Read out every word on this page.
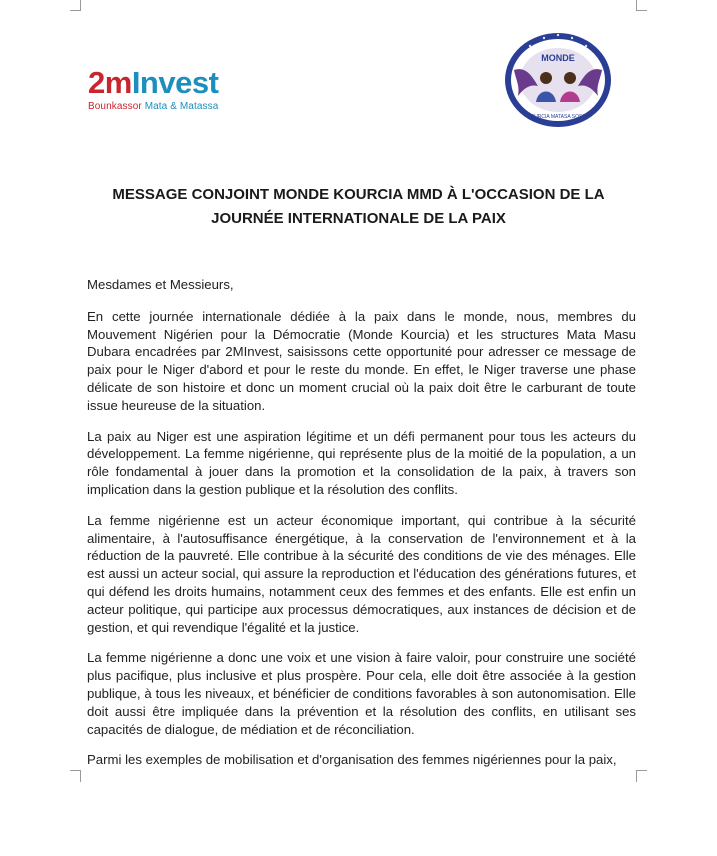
2mInvest
Bounkassor Mata & Matassa
MONDE
KOURCIA MATASA SOSSA
MESSAGE CONJOINT MONDE KOURCIA MMD À L'OCCASION DE LA JOURNÉE INTERNATIONALE DE LA PAIX

Mesdames et Messieurs,

En cette journée internationale dédiée à la paix dans le monde, nous, membres du Mouvement Nigérien pour la Démocratie (Monde Kourcia) et les structures Mata Masu Dubara encadrées par 2MInvest, saisissons cette opportunité pour adresser ce message de paix pour le Niger d'abord et pour le reste du monde. En effet, le Niger traverse une phase délicate de son histoire et donc un moment crucial où la paix doit être le carburant de toute issue heureuse de la situation.

La paix au Niger est une aspiration légitime et un défi permanent pour tous les acteurs du développement. La femme nigérienne, qui représente plus de la moitié de la population, a un rôle fondamental à jouer dans la promotion et la consolidation de la paix, à travers son implication dans la gestion publique et la résolution des conflits.

La femme nigérienne est un acteur économique important, qui contribue à la sécurité alimentaire, à l'autosuffisance énergétique, à la conservation de l'environnement et à la réduction de la pauvreté. Elle contribue à la sécurité des conditions de vie des ménages. Elle est aussi un acteur social, qui assure la reproduction et l'éducation des générations futures, et qui défend les droits humains, notamment ceux des femmes et des enfants. Elle est enfin un acteur politique, qui participe aux processus démocratiques, aux instances de décision et de gestion, et qui revendique l'égalité et la justice.

La femme nigérienne a donc une voix et une vision à faire valoir, pour construire une société plus pacifique, plus inclusive et plus prospère. Pour cela, elle doit être associée à la gestion publique, à tous les niveaux, et bénéficier de conditions favorables à son autonomisation. Elle doit aussi être impliquée dans la prévention et la résolution des conflits, en utilisant ses capacités de dialogue, de médiation et de réconciliation.

Parmi les exemples de mobilisation et d'organisation des femmes nigériennes pour la paix,
